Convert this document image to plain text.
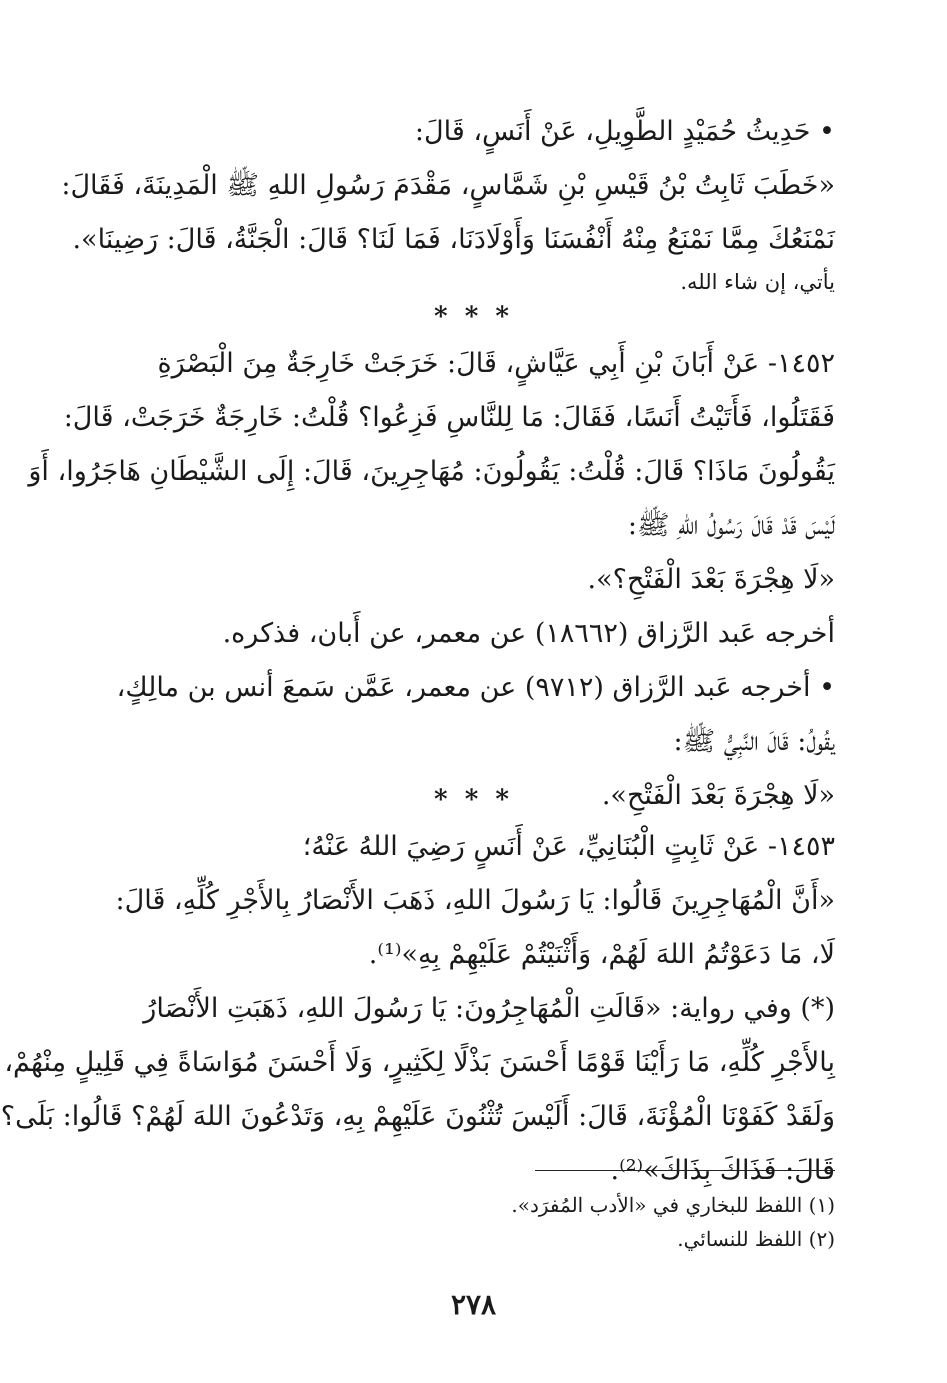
• حَدِيثُ حُمَيْدٍ الطَّوِيلِ، عَنْ أَنَسٍ، قَالَ:
«خَطَبَ ثَابِتُ بْنُ قَيْسِ بْنِ شَمَّاسٍ، مَقْدَمَ رَسُولِ اللهِ ﷺ الْمَدِينَةَ، فَقَالَ:
نَمْنَعُكَ مِمَّا نَمْنَعُ مِنْهُ أَنْفُسَنَا وَأَوْلَادَنَا، فَمَا لَنَا؟ قَالَ: الْجَنَّةُ، قَالَ: رَضِينَا».
يأتي، إن شاء الله.
* * *
١٤٥٢- عَنْ أَبَانَ بْنِ أَبِي عَيَّاشٍ، قَالَ: خَرَجَتْ خَارِجَةٌ مِنَ الْبَصْرَةِ
فَقَتَلُوا، فَأَتَيْتُ أَنَسًا، فَقَالَ: مَا لِلنَّاسِ فَزِعُوا؟ قُلْتُ: خَارِجَةٌ خَرَجَتْ، قَالَ:
يَقُولُونَ مَاذَا؟ قَالَ: قُلْتُ: يَقُولُونَ: مُهَاجِرِينَ، قَالَ: إِلَى الشَّيْطَانِ هَاجَرُوا، أَوَ
لَيْسَ قَدْ قَالَ رَسُولُ اللهِ ﷺ:
«لَا هِجْرَةَ بَعْدَ الْفَتْحِ؟».
أخرجه عَبد الرَّزاق (١٨٦٦٢) عن معمر، عن أَبان، فذكره.
• أخرجه عَبد الرَّزاق (٩٧١٢) عن معمر، عَمَّن سَمعَ أنس بن مالِكٍ،
يقُولُ: قَالَ النَّبِيُّ ﷺ:
«لَا هِجْرَةَ بَعْدَ الْفَتْحِ».
* * *
١٤٥٣- عَنْ ثَابِتٍ الْبُنَانِيِّ، عَنْ أَنَسٍ رَضِيَ اللهُ عَنْهُ؛
«أَنَّ الْمُهَاجِرِينَ قَالُوا: يَا رَسُولَ اللهِ، ذَهَبَ الأَنْصَارُ بِالأَجْرِ كُلِّهِ، قَالَ:
لَا، مَا دَعَوْتُمُ اللهَ لَهُمْ، وَأَثْنَيْتُمْ عَلَيْهِمْ بِهِ»⁽¹⁾.
(*) وفي رواية: «قَالَتِ الْمُهَاجِرُونَ: يَا رَسُولَ اللهِ، ذَهَبَتِ الأَنْصَارُ
بِالأَجْرِ كُلِّهِ، مَا رَأَيْنَا قَوْمًا أَحْسَنَ بَذْلًا لِكَثِيرٍ، وَلَا أَحْسَنَ مُوَاسَاةً فِي قَلِيلٍ مِنْهُمْ،
وَلَقَدْ كَفَوْنَا الْمُؤْنَةَ، قَالَ: أَلَيْسَ تُثْنُونَ عَلَيْهِمْ بِهِ، وَتَدْعُونَ اللهَ لَهُمْ؟ قَالُوا: بَلَى؟
قَالَ: فَذَاكَ بِذَاكَ»⁽²⁾.
(١) اللفظ للبخاري في «الأدب المُفرَد».
(٢) اللفظ للنسائي.
٢٧٨
